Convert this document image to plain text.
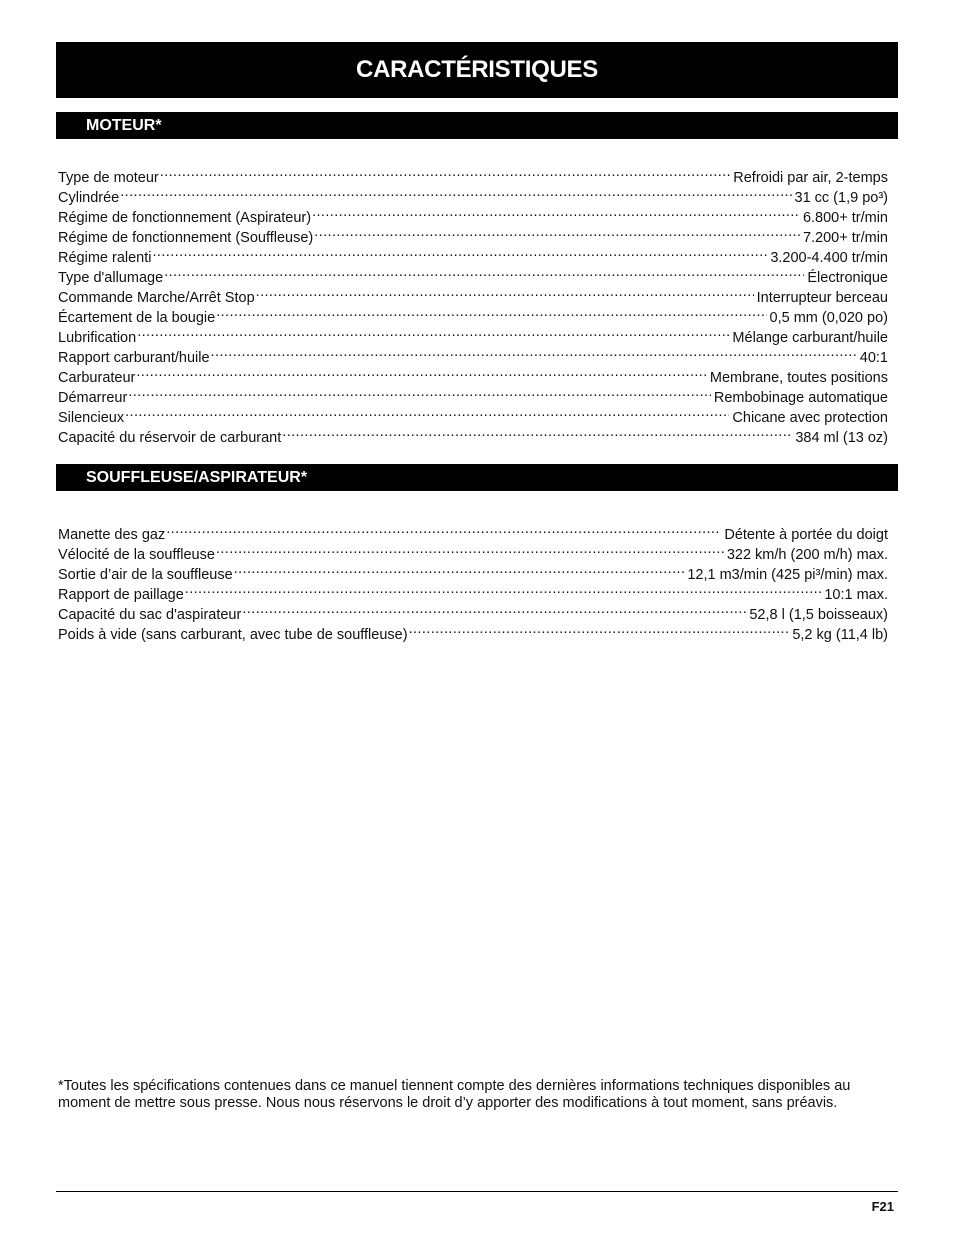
CARACTÉRISTIQUES
MOTEUR*
Type de moteur .....	Refroidi par air, 2-temps
Cylindrée .....	31 cc (1,9 po³)
Régime de fonctionnement (Aspirateur) .....	6.800+ tr/min
Régime de fonctionnement (Souffleuse) .....	7.200+ tr/min
Régime ralenti .....	3.200-4.400 tr/min
Type d'allumage .....	Électronique
Commande Marche/Arrêt Stop .....	Interrupteur berceau
Écartement de la bougie .....	0,5 mm (0,020 po)
Lubrification .....	Mélange carburant/huile
Rapport carburant/huile .....	40:1
Carburateur .....	Membrane, toutes positions
Démarreur .....	Rembobinage automatique
Silencieux .....	Chicane avec protection
Capacité du réservoir de carburant .....	384 ml (13 oz)
SOUFFLEUSE/ASPIRATEUR*
Manette des gaz .....	Détente à portée du doigt
Vélocité de la souffleuse .....	322 km/h (200 m/h) max.
Sortie d’air de la souffleuse .....	12,1 m3/min (425 pi³/min) max.
Rapport de paillage .....	10:1 max.
Capacité du sac d'aspirateur .....	52,8 l (1,5 boisseaux)
Poids à vide (sans carburant, avec tube de souffleuse) .....	5,2 kg (11,4 lb)
*Toutes les spécifications contenues dans ce manuel tiennent compte des dernières informations techniques disponibles au moment de mettre sous presse. Nous nous réservons le droit d’y apporter des modifications à tout moment, sans préavis.
F21
